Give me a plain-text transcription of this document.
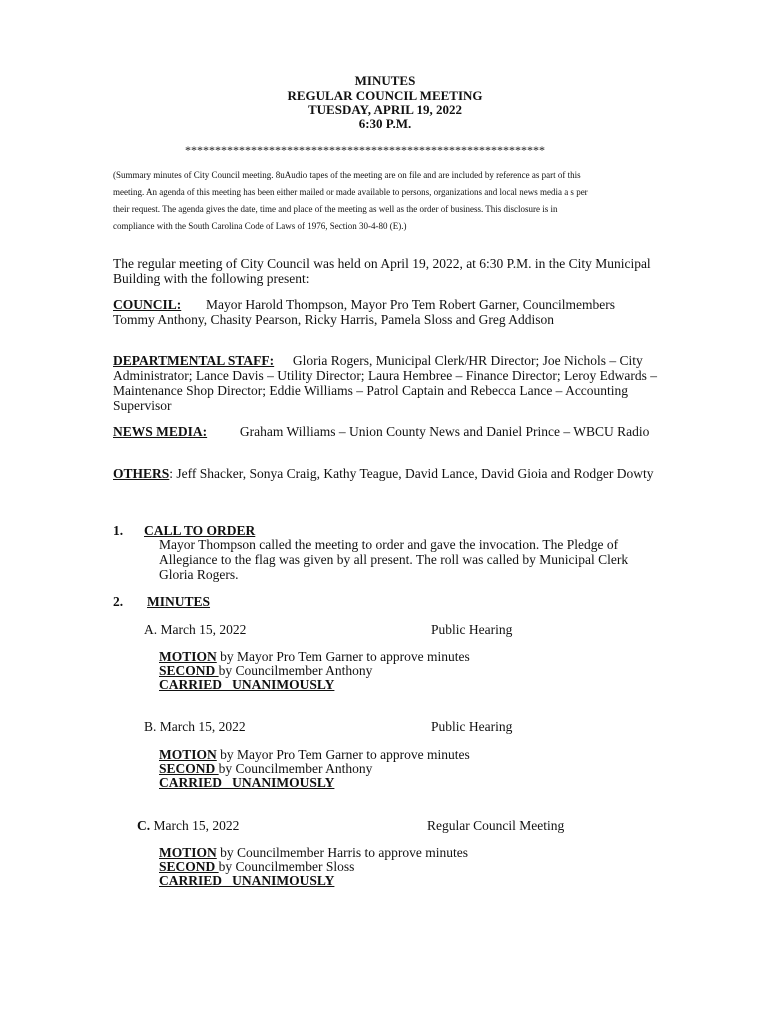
MINUTES
REGULAR COUNCIL MEETING
TUESDAY, APRIL 19, 2022
6:30 P.M.
************************************************************
(Summary minutes of City Council meeting. 8uAudio tapes of the meeting are on file and are included by reference as part of this
meeting. An agenda of this meeting has been either mailed or made available to persons, organizations and local news media a s per
their request. The agenda gives the date, time and place of the meeting as well as the order of business. This disclosure is in
compliance with the South Carolina Code of Laws of 1976, Section 30-4-80 (E).)
The regular meeting of City Council was held on April 19, 2022, at 6:30 P.M. in the City Municipal Building with the following present:
COUNCIL: Mayor Harold Thompson, Mayor Pro Tem Robert Garner, Councilmembers Tommy Anthony, Chasity Pearson, Ricky Harris, Pamela Sloss and Greg Addison
DEPARTMENTAL STAFF: Gloria Rogers, Municipal Clerk/HR Director; Joe Nichols – City Administrator; Lance Davis – Utility Director; Laura Hembree – Finance Director; Leroy Edwards – Maintenance Shop Director; Eddie Williams – Patrol Captain and Rebecca Lance – Accounting Supervisor
NEWS MEDIA: Graham Williams – Union County News and Daniel Prince – WBCU Radio
OTHERS: Jeff Shacker, Sonya Craig, Kathy Teague, David Lance, David Gioia and Rodger Dowty
1. CALL TO ORDER
Mayor Thompson called the meeting to order and gave the invocation. The Pledge of Allegiance to the flag was given by all present. The roll was called by Municipal Clerk Gloria Rogers.
2. MINUTES
A. March 15, 2022	Public Hearing
MOTION by Mayor Pro Tem Garner to approve minutes
SECOND by Councilmember Anthony
CARRIED   UNANIMOUSLY
B. March 15, 2022	Public Hearing
MOTION by Mayor Pro Tem Garner to approve minutes
SECOND by Councilmember Anthony
CARRIED   UNANIMOUSLY
C. March 15, 2022	Regular Council Meeting
MOTION by Councilmember Harris to approve minutes
SECOND by Councilmember Sloss
CARRIED   UNANIMOUSLY
